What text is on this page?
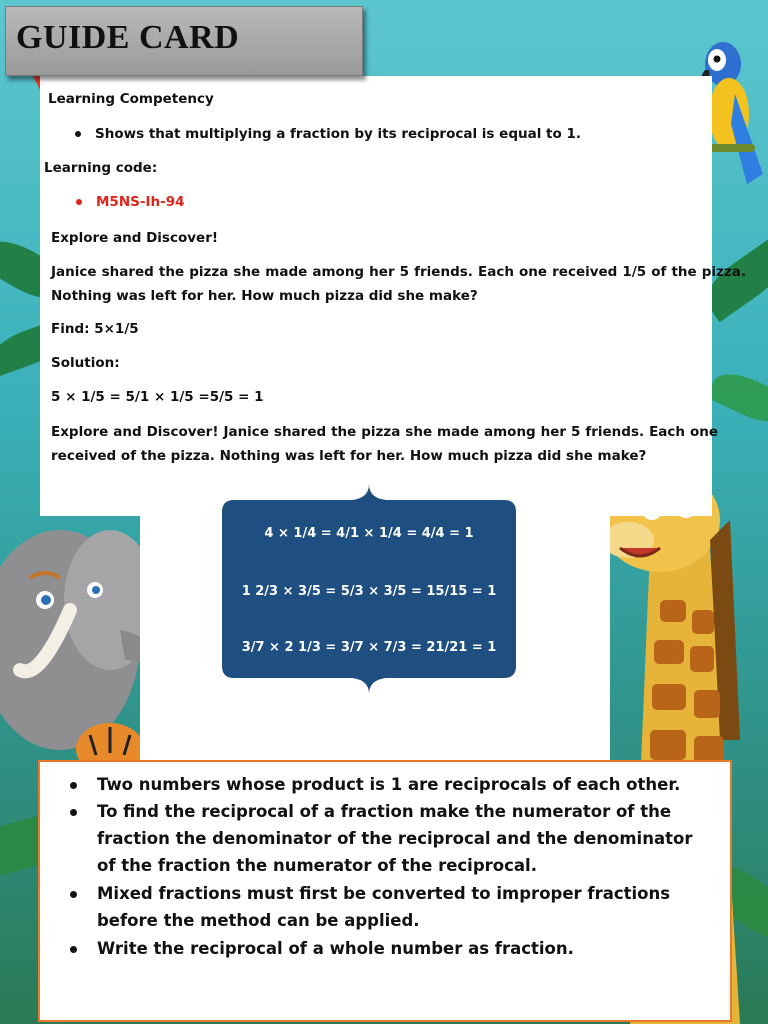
GUIDE CARD
Learning Competency
Shows that multiplying a fraction by its reciprocal is equal to 1.
Learning code:
M5NS-Ih-94
Explore and Discover!
Janice shared the pizza she made among her 5 friends. Each one received 1/5 of the pizza.
Nothing was left for her. How much pizza did she make?
Find: 5×1/5
Solution:
5 × 1/5 = 5/1 × 1/5 =5/5 = 1
Explore and Discover! Janice shared the pizza she made among her 5 friends. Each one
received of the pizza. Nothing was left for her. How much pizza did she make?
4 × 1/4 = 4/1 × 1/4 = 4/4 = 1
1 2/3 × 3/5 = 5/3 × 3/5 = 15/15 = 1
3/7 × 2 1/3 = 3/7 × 7/3 = 21/21 = 1
Two numbers whose product is 1 are reciprocals of each other.
To find the reciprocal of a fraction make the numerator of the fraction the denominator of the reciprocal and the denominator of the fraction the numerator of the reciprocal.
Mixed fractions must first be converted to improper fractions before the method can be applied.
Write the reciprocal of a whole number as fraction.
